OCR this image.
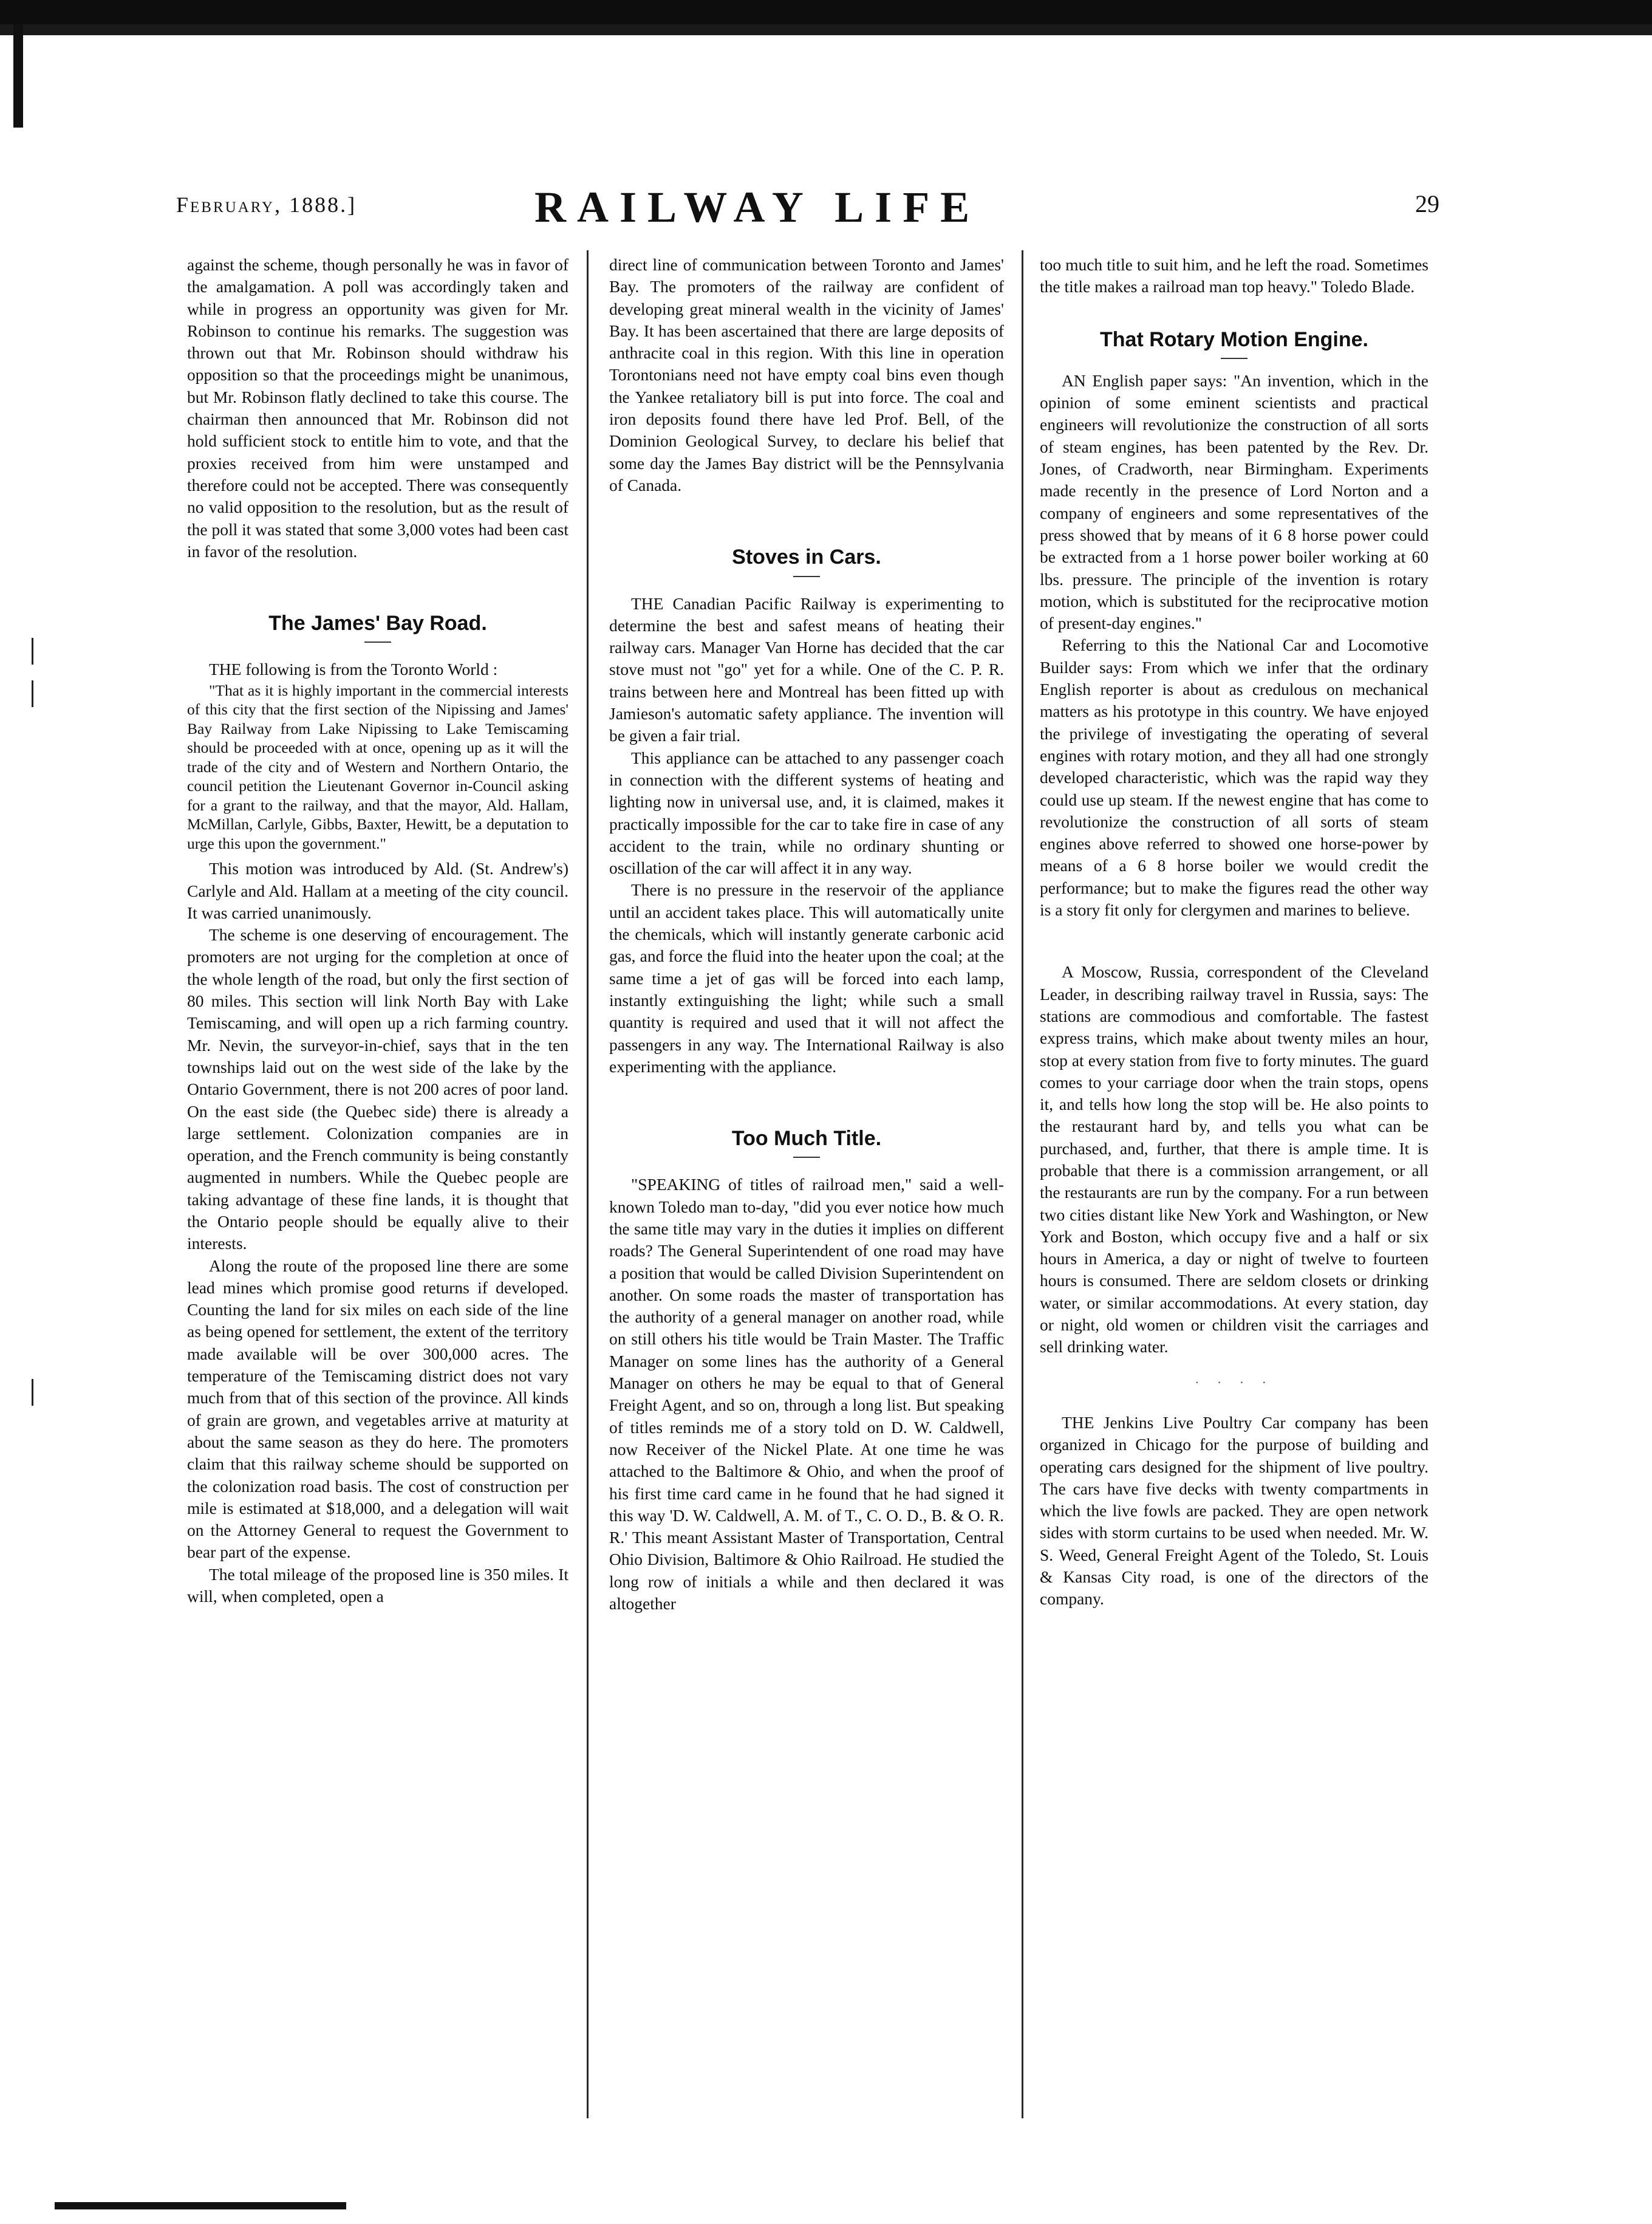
February, 1888.]	RAILWAY LIFE	29

against the scheme, though personally he was in favor of the amalgamation. A poll was accordingly taken and while in progress an opportunity was given for Mr. Robinson to continue his remarks. The suggestion was thrown out that Mr. Robinson should withdraw his opposition so that the proceedings might be unanimous, but Mr. Robinson flatly declined to take this course. The chairman then announced that Mr. Robinson did not hold sufficient stock to entitle him to vote, and that the proxies received from him were unstamped and therefore could not be accepted. There was consequently no valid opposition to the resolution, but as the result of the poll it was stated that some 3,000 votes had been cast in favor of the resolution.

The James' Bay Road.

THE following is from the Toronto World :

"That as it is highly important in the commercial interests of this city that the first section of the Nipissing and James' Bay Railway from Lake Nipissing to Lake Temiscaming should be proceeded with at once, opening up as it will the trade of the city and of Western and Northern Ontario, the council petition the Lieutenant Governor in-Council asking for a grant to the railway, and that the mayor, Ald. Hallam, McMillan, Carlyle, Gibbs, Baxter, Hewitt, be a deputation to urge this upon the government."

This motion was introduced by Ald. (St. Andrew's) Carlyle and Ald. Hallam at a meeting of the city council. It was carried unanimously.

The scheme is one deserving of encouragement. The promoters are not urging for the completion at once of the whole length of the road, but only the first section of 80 miles. This section will link North Bay with Lake Temiscaming, and will open up a rich farming country. Mr. Nevin, the surveyor-in-chief, says that in the ten townships laid out on the west side of the lake by the Ontario Government, there is not 200 acres of poor land. On the east side (the Quebec side) there is already a large settlement. Colonization companies are in operation, and the French community is being constantly augmented in numbers. While the Quebec people are taking advantage of these fine lands, it is thought that the Ontario people should be equally alive to their interests.

Along the route of the proposed line there are some lead mines which promise good returns if developed. Counting the land for six miles on each side of the line as being opened for settlement, the extent of the territory made available will be over 300,000 acres. The temperature of the Temiscaming district does not vary much from that of this section of the province. All kinds of grain are grown, and vegetables arrive at maturity at about the same season as they do here. The promoters claim that this railway scheme should be supported on the colonization road basis. The cost of construction per mile is estimated at $18,000, and a delegation will wait on the Attorney General to request the Government to bear part of the expense.

The total mileage of the proposed line is 350 miles. It will, when completed, open a

direct line of communication between Toronto and James' Bay. The promoters of the railway are confident of developing great mineral wealth in the vicinity of James' Bay. It has been ascertained that there are large deposits of anthracite coal in this region. With this line in operation Torontonians need not have empty coal bins even though the Yankee retaliatory bill is put into force. The coal and iron deposits found there have led Prof. Bell, of the Dominion Geological Survey, to declare his belief that some day the James Bay district will be the Pennsylvania of Canada.

Stoves in Cars.

THE Canadian Pacific Railway is experimenting to determine the best and safest means of heating their railway cars. Manager Van Horne has decided that the car stove must not "go" yet for a while. One of the C. P. R. trains between here and Montreal has been fitted up with Jamieson's automatic safety appliance. The invention will be given a fair trial.

This appliance can be attached to any passenger coach in connection with the different systems of heating and lighting now in universal use, and, it is claimed, makes it practically impossible for the car to take fire in case of any accident to the train, while no ordinary shunting or oscillation of the car will affect it in any way.

There is no pressure in the reservoir of the appliance until an accident takes place. This will automatically unite the chemicals, which will instantly generate carbonic acid gas, and force the fluid into the heater upon the coal; at the same time a jet of gas will be forced into each lamp, instantly extinguishing the light; while such a small quantity is required and used that it will not affect the passengers in any way. The International Railway is also experimenting with the appliance.

Too Much Title.

"SPEAKING of titles of railroad men," said a well-known Toledo man to-day, "did you ever notice how much the same title may vary in the duties it implies on different roads? The General Superintendent of one road may have a position that would be called Division Superintendent on another. On some roads the master of transportation has the authority of a general manager on another road, while on still others his title would be Train Master. The Traffic Manager on some lines has the authority of a General Manager on others he may be equal to that of General Freight Agent, and so on, through a long list. But speaking of titles reminds me of a story told on D. W. Caldwell, now Receiver of the Nickel Plate. At one time he was attached to the Baltimore & Ohio, and when the proof of his first time card came in he found that he had signed it this way 'D. W. Caldwell, A. M. of T., C. O. D., B. & O. R. R.' This meant Assistant Master of Transportation, Central Ohio Division, Baltimore & Ohio Railroad. He studied the long row of initials a while and then declared it was altogether

too much title to suit him, and he left the road. Sometimes the title makes a railroad man top heavy." Toledo Blade.

That Rotary Motion Engine.

AN English paper says: "An invention, which in the opinion of some eminent scientists and practical engineers will revolutionize the construction of all sorts of steam engines, has been patented by the Rev. Dr. Jones, of Cradworth, near Birmingham. Experiments made recently in the presence of Lord Norton and a company of engineers and some representatives of the press showed that by means of it 6 8 horse power could be extracted from a 1 horse power boiler working at 60 lbs. pressure. The principle of the invention is rotary motion, which is substituted for the reciprocative motion of present-day engines."

Referring to this the National Car and Locomotive Builder says: From which we infer that the ordinary English reporter is about as credulous on mechanical matters as his prototype in this country. We have enjoyed the privilege of investigating the operating of several engines with rotary motion, and they all had one strongly developed characteristic, which was the rapid way they could use up steam. If the newest engine that has come to revolutionize the construction of all sorts of steam engines above referred to showed one horse-power by means of a 6 8 horse boiler we would credit the performance; but to make the figures read the other way is a story fit only for clergymen and marines to believe.

A Moscow, Russia, correspondent of the Cleveland Leader, in describing railway travel in Russia, says: The stations are commodious and comfortable. The fastest express trains, which make about twenty miles an hour, stop at every station from five to forty minutes. The guard comes to your carriage door when the train stops, opens it, and tells how long the stop will be. He also points to the restaurant hard by, and tells you what can be purchased, and, further, that there is ample time. It is probable that there is a commission arrangement, or all the restaurants are run by the company. For a run between two cities distant like New York and Washington, or New York and Boston, which occupy five and a half or six hours in America, a day or night of twelve to fourteen hours is consumed. There are seldom closets or drinking water, or similar accommodations. At every station, day or night, old women or children visit the carriages and sell drinking water.

· · · ·

THE Jenkins Live Poultry Car company has been organized in Chicago for the purpose of building and operating cars designed for the shipment of live poultry. The cars have five decks with twenty compartments in which the live fowls are packed. They are open network sides with storm curtains to be used when needed. Mr. W. S. Weed, General Freight Agent of the Toledo, St. Louis & Kansas City road, is one of the directors of the company.
